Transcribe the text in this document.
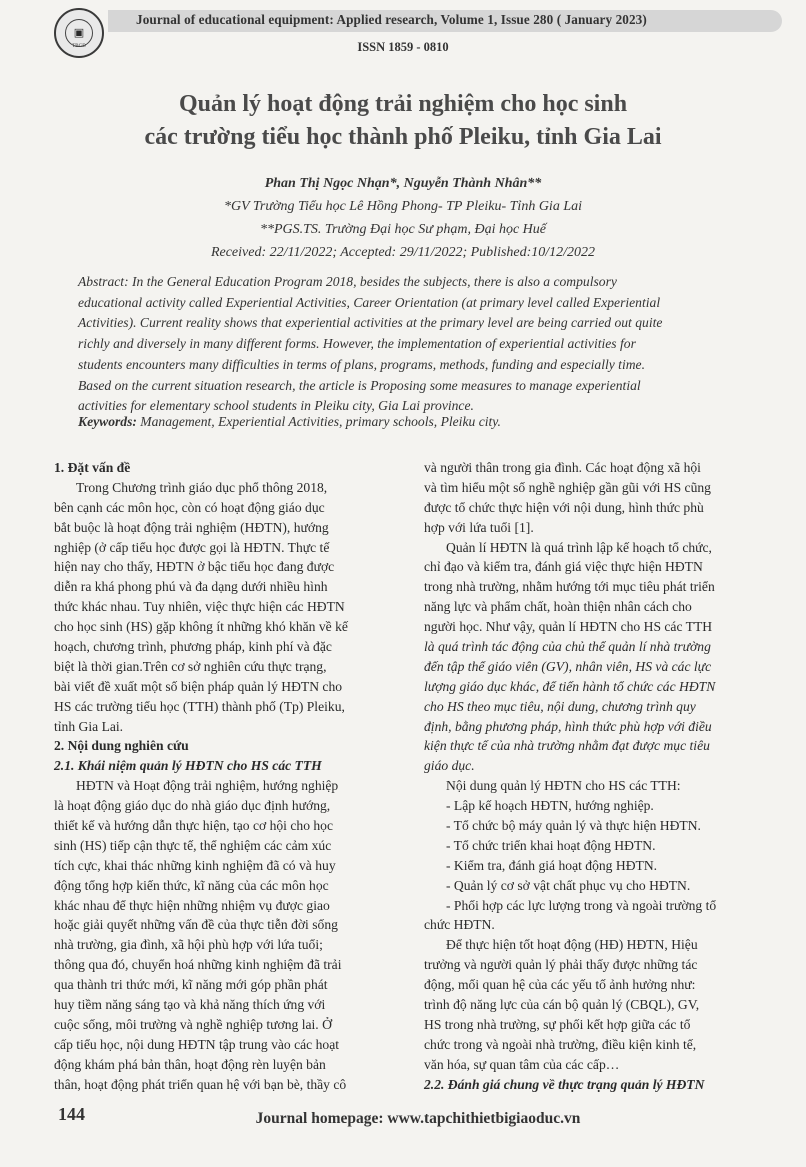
▣
TBGD
Journal of educational equipment: Applied research, Volume 1, Issue 280 ( January 2023)
ISSN 1859 - 0810
Quản lý hoạt động trải nghiệm cho học sinh
các trường tiểu học thành phố Pleiku, tỉnh Gia Lai
Phan Thị Ngọc Nhạn*, Nguyễn Thành Nhân**
*GV Trường Tiểu học Lê Hồng Phong- TP Pleiku- Tỉnh Gia Lai
**PGS.TS. Trường Đại học Sư phạm, Đại học Huế
Received: 22/11/2022; Accepted: 29/11/2022; Published:10/12/2022
Abstract: In the General Education Program 2018, besides the subjects, there is also a compulsory
educational activity called Experiential Activities, Career Orientation (at primary level called Experiential
Activities). Current reality shows that experiential activities at the primary level are being carried out quite
richly and diversely in many different forms. However, the implementation of experiential activities for
students encounters many difficulties in terms of plans, programs, methods, funding and especially time.
Based on the current situation research, the article is Proposing some measures to manage experiential
activities for elementary school students in Pleiku city, Gia Lai province.
Keywords: Management, Experiential Activities, primary schools, Pleiku city.
1. Đặt vấn đề
Trong Chương trình giáo dục phổ thông 2018,
bên cạnh các môn học, còn có hoạt động giáo dục
bắt buộc là hoạt động trải nghiệm (HĐTN), hướng
nghiệp (ở cấp tiểu học được gọi là HĐTN. Thực tế
hiện nay cho thấy, HĐTN ở bậc tiểu học đang được
diễn ra khá phong phú và đa dạng dưới nhiều hình
thức khác nhau. Tuy nhiên, việc thực hiện các HĐTN
cho học sinh (HS) gặp không ít những khó khăn về kế
hoạch, chương trình, phương pháp, kinh phí và đặc
biệt là thời gian.Trên cơ sở nghiên cứu thực trạng,
bài viết đề xuất một số biện pháp quản lý HĐTN cho
HS các trường tiểu học (TTH) thành phố (Tp) Pleiku,
tỉnh Gia Lai.
2. Nội dung nghiên cứu
2.1. Khái niệm quản lý HĐTN cho HS các TTH
HĐTN và Hoạt động trải nghiệm, hướng nghiệp
là hoạt động giáo dục do nhà giáo dục định hướng,
thiết kế và hướng dẫn thực hiện, tạo cơ hội cho học
sinh (HS) tiếp cận thực tế, thể nghiệm các cảm xúc
tích cực, khai thác những kinh nghiệm đã có và huy
động tổng hợp kiến thức, kĩ năng của các môn học
khác nhau để thực hiện những nhiệm vụ được giao
hoặc giải quyết những vấn đề của thực tiễn đời sống
nhà trường, gia đình, xã hội phù hợp với lứa tuổi;
thông qua đó, chuyển hoá những kinh nghiệm đã trải
qua thành tri thức mới, kĩ năng mới góp phần phát
huy tiềm năng sáng tạo và khả năng thích ứng với
cuộc sống, môi trường và nghề nghiệp tương lai. Ở
cấp tiểu học, nội dung HĐTN tập trung vào các hoạt
động khám phá bản thân, hoạt động rèn luyện bản
thân, hoạt động phát triển quan hệ với bạn bè, thầy cô
và người thân trong gia đình. Các hoạt động xã hội
và tìm hiểu một số nghề nghiệp gần gũi với HS cũng
được tổ chức thực hiện với nội dung, hình thức phù
hợp với lứa tuổi [1].
Quản lí HĐTN là quá trình lập kế hoạch tổ chức,
chỉ đạo và kiểm tra, đánh giá việc thực hiện HĐTN
trong nhà trường, nhằm hướng tới mục tiêu phát triển
năng lực và phẩm chất, hoàn thiện nhân cách cho
người học. Như vậy, quản lí HĐTN cho HS các TTH
là quá trình tác động của chủ thể quản lí nhà trường
đến tập thể giáo viên (GV), nhân viên, HS và các lực
lượng giáo dục khác, để tiến hành tổ chức các HĐTN
cho HS theo mục tiêu, nội dung, chương trình quy
định, bằng phương pháp, hình thức phù hợp với điều
kiện thực tế của nhà trường nhằm đạt được mục tiêu
giáo dục.
Nội dung quản lý HĐTN cho HS các TTH:
- Lập kế hoạch HĐTN, hướng nghiệp.
- Tổ chức bộ máy quản lý và thực hiện HĐTN.
- Tổ chức triển khai hoạt động HĐTN.
- Kiểm tra, đánh giá hoạt động HĐTN.
- Quản lý cơ sở vật chất phục vụ cho HĐTN.
- Phối hợp các lực lượng trong và ngoài trường tổ
chức HĐTN.
Để thực hiện tốt hoạt động (HĐ) HĐTN, Hiệu
trưởng và người quản lý phải thấy được những tác
động, mối quan hệ của các yếu tố ảnh hưởng như:
trình độ năng lực của cán bộ quản lý (CBQL), GV,
HS trong nhà trường, sự phối kết hợp giữa các tổ
chức trong và ngoài nhà trường, điều kiện kinh tế,
văn hóa, sự quan tâm của các cấp…
2.2. Đánh giá chung về thực trạng quản lý HĐTN
144	Journal homepage: www.tapchithietbigiaoduc.vn
